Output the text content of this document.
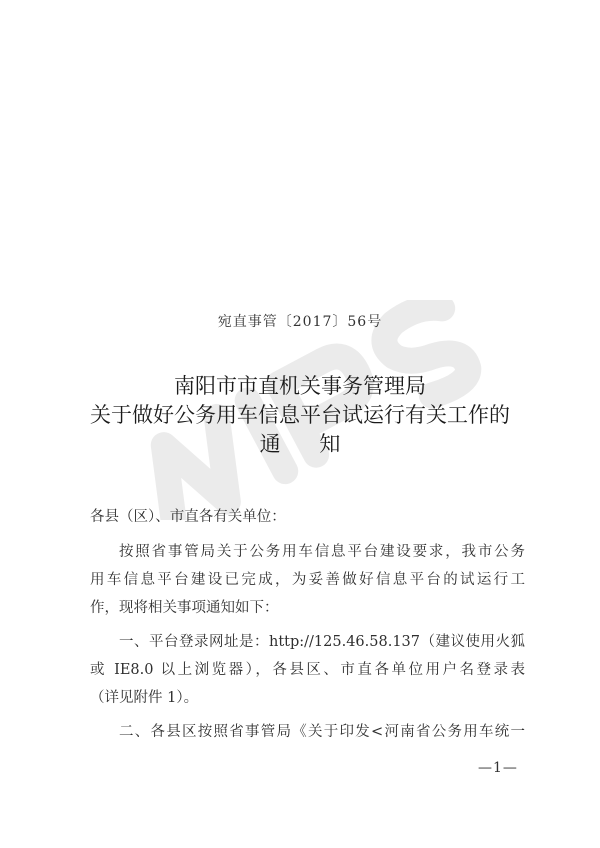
宛直事管〔2017〕56号
南阳市市直机关事务管理局
关于做好公务用车信息平台试运行有关工作的
通 知
各县（区）、市直各有关单位：
按照省事管局关于公务用车信息平台建设要求，我市公务
用车信息平台建设已完成，为妥善做好信息平台的试运行工
作，现将相关事项通知如下：
一、平台登录网址是：http://125.46.58.137（建议使用火狐
或 IE8.0 以上浏览器），各县区、市直各单位用户名登录表
（详见附件 1）。
二、各县区按照省事管局《关于印发<河南省公务用车统一
—1—
